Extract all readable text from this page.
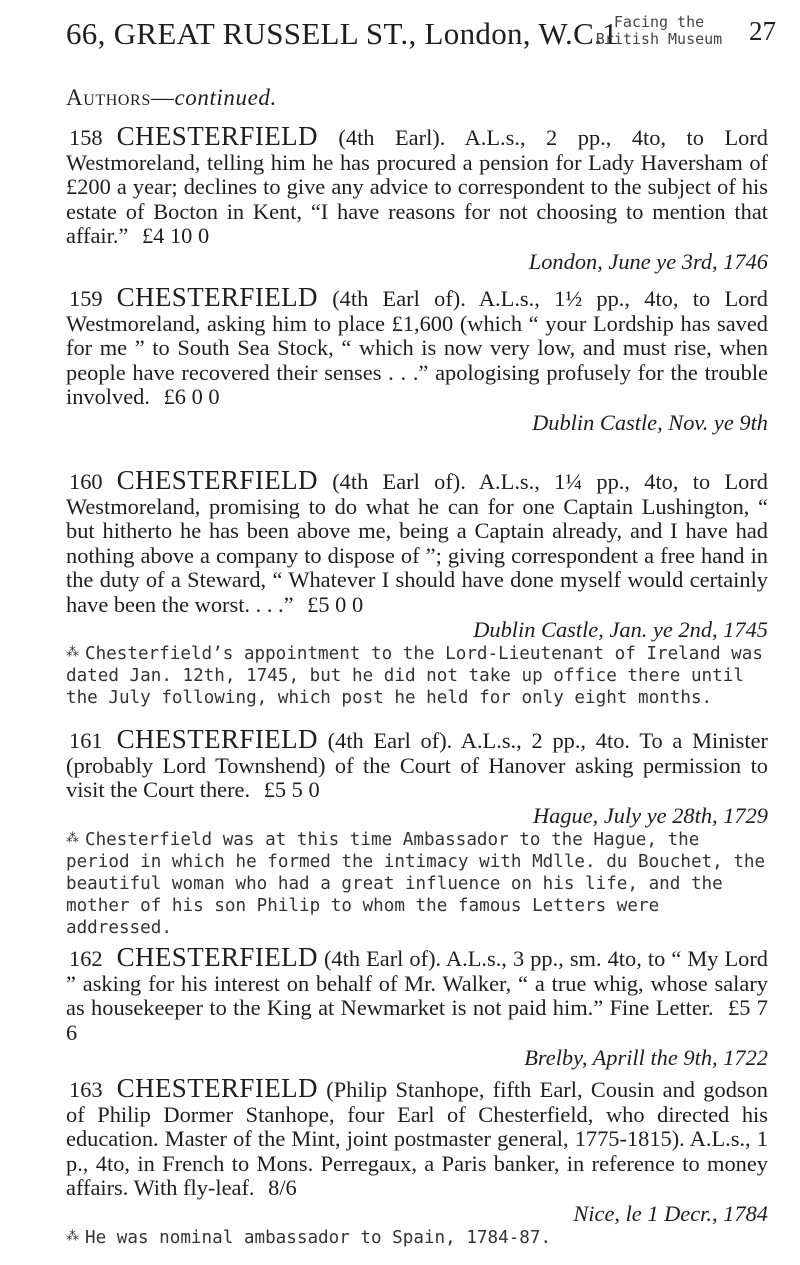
66, GREAT RUSSELL ST., London, W.C.1
Facing the
British Museum 27
Authors—continued.

158 CHESTERFIELD (4th Earl). A.L.s., 2 pp., 4to, to Lord Westmoreland, telling him he has procured a pension for Lady Haversham of £200 a year; declines to give any advice to correspondent to the subject of his estate of Bocton in Kent, “I have reasons for not choosing to mention that affair.” £4 10 0

London, June ye 3rd, 1746

159 CHESTERFIELD (4th Earl of). A.L.s., 1½ pp., 4to, to Lord Westmoreland, asking him to place £1,600 (which “ your Lordship has saved for me ” to South Sea Stock, “ which is now very low, and must rise, when people have recovered their senses . . .” apologising profusely for the trouble involved. £6 0 0

Dublin Castle, Nov. ye 9th

160 CHESTERFIELD (4th Earl of). A.L.s., 1¼ pp., 4to, to Lord Westmoreland, promising to do what he can for one Captain Lushington, “ but hitherto he has been above me, being a Captain already, and I have had nothing above a company to dispose of ”; giving correspondent a free hand in the duty of a Steward, “ Whatever I should have done myself would certainly have been the worst. . . .” £5 0 0

Dublin Castle, Jan. ye 2nd, 1745

⁂ Chesterfield’s appointment to the Lord-Lieutenant of Ireland was dated Jan. 12th, 1745, but he did not take up office there until the July following, which post he held for only eight months.

161 CHESTERFIELD (4th Earl of). A.L.s., 2 pp., 4to. To a Minister (probably Lord Townshend) of the Court of Hanover asking permission to visit the Court there. £5 5 0

Hague, July ye 28th, 1729

⁂ Chesterfield was at this time Ambassador to the Hague, the period in which he formed the intimacy with Mdlle. du Bouchet, the beautiful woman who had a great influence on his life, and the mother of his son Philip to whom the famous Letters were addressed.

162 CHESTERFIELD (4th Earl of). A.L.s., 3 pp., sm. 4to, to “ My Lord ” asking for his interest on behalf of Mr. Walker, “ a true whig, whose salary as housekeeper to the King at Newmarket is not paid him.” Fine Letter. £5 7 6

Brelby, Aprill the 9th, 1722

163 CHESTERFIELD (Philip Stanhope, fifth Earl, Cousin and godson of Philip Dormer Stanhope, four Earl of Chesterfield, who directed his education. Master of the Mint, joint postmaster general, 1775-1815). A.L.s., 1 p., 4to, in French to Mons. Perregaux, a Paris banker, in reference to money affairs. With fly-leaf. 8/6

Nice, le 1 Decr., 1784

⁂ He was nominal ambassador to Spain, 1784-87.
